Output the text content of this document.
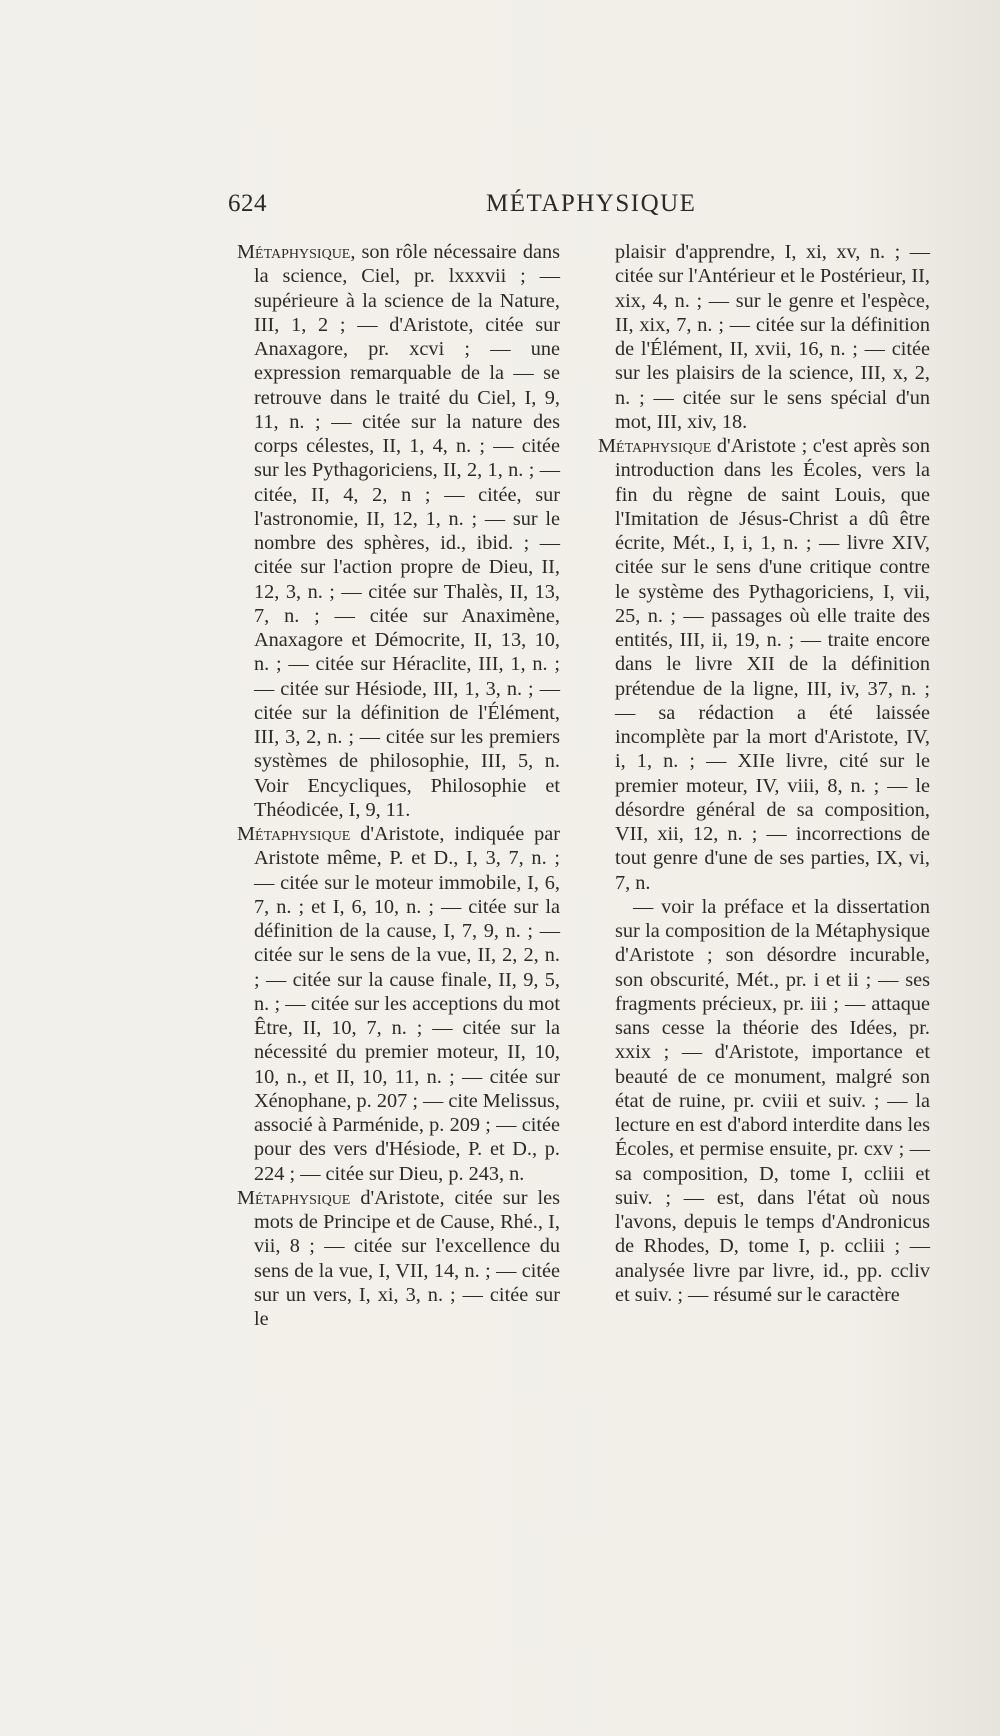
624	MÉTAPHYSIQUE

Métaphysique, son rôle nécessaire dans la science, Ciel, pr. lxxxvii ; — supérieure à la science de la Nature, III, 1, 2 ; — d'Aristote, citée sur Anaxagore, pr. xcvi ; — une expression remarquable de la — se retrouve dans le traité du Ciel, I, 9, 11, n. ; — citée sur la nature des corps célestes, II, 1, 4, n. ; — citée sur les Pythagoriciens, II, 2, 1, n. ; — citée, II, 4, 2, n ; — citée, sur l'astronomie, II, 12, 1, n. ; — sur le nombre des sphères, id., ibid. ; — citée sur l'action propre de Dieu, II, 12, 3, n. ; — citée sur Thalès, II, 13, 7, n. ; — citée sur Anaximène, Anaxagore et Démocrite, II, 13, 10, n. ; — citée sur Héraclite, III, 1, n. ; — citée sur Hésiode, III, 1, 3, n. ; — citée sur la définition de l'Élément, III, 3, 2, n. ; — citée sur les premiers systèmes de philosophie, III, 5, n. Voir Encycliques, Philosophie et Théodicée, I, 9, 11.

Métaphysique d'Aristote, indiquée par Aristote même, P. et D., I, 3, 7, n. ; — citée sur le moteur immobile, I, 6, 7, n. ; et I, 6, 10, n. ; — citée sur la définition de la cause, I, 7, 9, n. ; — citée sur le sens de la vue, II, 2, 2, n. ; — citée sur la cause finale, II, 9, 5, n. ; — citée sur les acceptions du mot Être, II, 10, 7, n. ; — citée sur la nécessité du premier moteur, II, 10, 10, n., et II, 10, 11, n. ; — citée sur Xénophane, p. 207 ; — cite Melissus, associé à Parménide, p. 209 ; — citée pour des vers d'Hésiode, P. et D., p. 224 ; — citée sur Dieu, p. 243, n.

Métaphysique d'Aristote, citée sur les mots de Principe et de Cause, Rhé., I, vii, 8 ; — citée sur l'excellence du sens de la vue, I, VII, 14, n. ; — citée sur un vers, I, xi, 3, n. ; — citée sur le

plaisir d'apprendre, I, xi, xv, n. ; — citée sur l'Antérieur et le Postérieur, II, xix, 4, n. ; — sur le genre et l'espèce, II, xix, 7, n. ; — citée sur la définition de l'Élément, II, xvii, 16, n. ; — citée sur les plaisirs de la science, III, x, 2, n. ; — citée sur le sens spécial d'un mot, III, xiv, 18.

Métaphysique d'Aristote ; c'est après son introduction dans les Écoles, vers la fin du règne de saint Louis, que l'Imitation de Jésus-Christ a dû être écrite, Mét., I, i, 1, n. ; — livre XIV, citée sur le sens d'une critique contre le système des Pythagoriciens, I, vii, 25, n. ; — passages où elle traite des entités, III, ii, 19, n. ; — traite encore dans le livre XII de la définition prétendue de la ligne, III, iv, 37, n. ; — sa rédaction a été laissée incomplète par la mort d'Aristote, IV, i, 1, n. ; — XIIe livre, cité sur le premier moteur, IV, viii, 8, n. ; — le désordre général de sa composition, VII, xii, 12, n. ; — incorrections de tout genre d'une de ses parties, IX, vi, 7, n.

— voir la préface et la dissertation sur la composition de la Métaphysique d'Aristote ; son désordre incurable, son obscurité, Mét., pr. i et ii ; — ses fragments précieux, pr. iii ; — attaque sans cesse la théorie des Idées, pr. xxix ; — d'Aristote, importance et beauté de ce monument, malgré son état de ruine, pr. cviii et suiv. ; — la lecture en est d'abord interdite dans les Écoles, et permise ensuite, pr. cxv ; — sa composition, D, tome I, ccliii et suiv. ; — est, dans l'état où nous l'avons, depuis le temps d'Andronicus de Rhodes, D, tome I, p. ccliii ; — analysée livre par livre, id., pp. ccliv et suiv. ; — résumé sur le caractère
